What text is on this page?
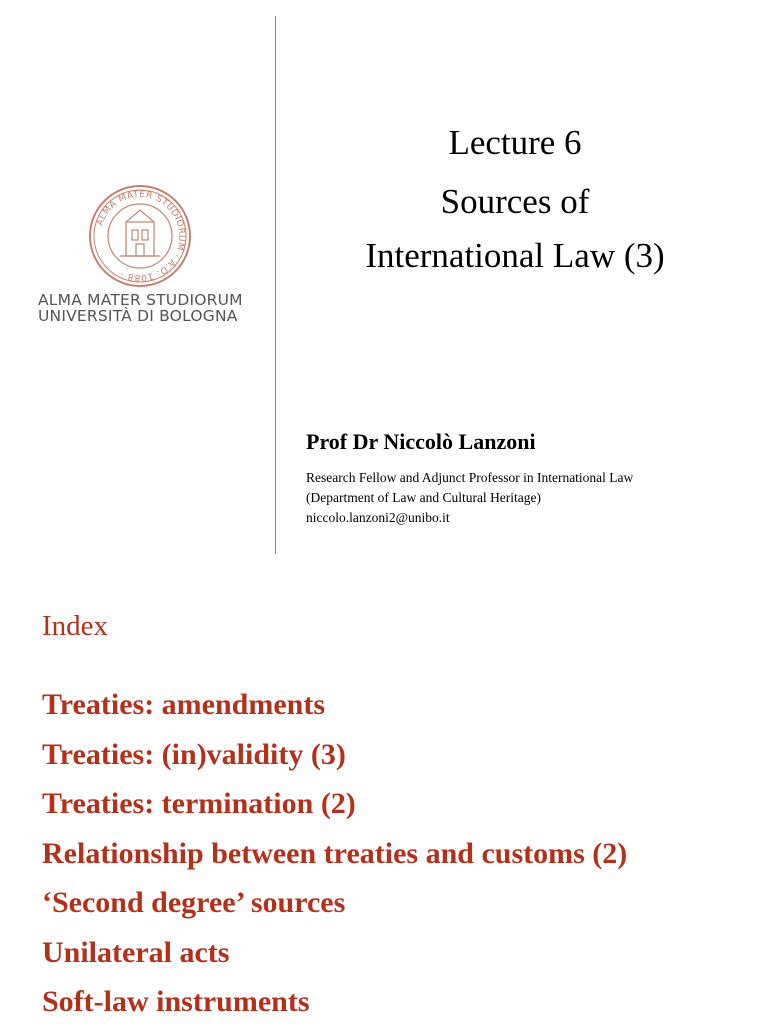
ALMA MATER STUDIORUM · A.D. 1088 ·
ALMA MATER STUDIORUM
UNIVERSITÀ DI BOLOGNA
Lecture 6
Sources of
International Law (3)
Prof Dr Niccolò Lanzoni
Research Fellow and Adjunct Professor in International Law
(Department of Law and Cultural Heritage)
niccolo.lanzoni2@unibo.it
Index
Treaties: amendments
Treaties: (in)validity (3)
Treaties: termination (2)
Relationship between treaties and customs (2)
‘Second degree’ sources
Unilateral acts
Soft-law instruments
